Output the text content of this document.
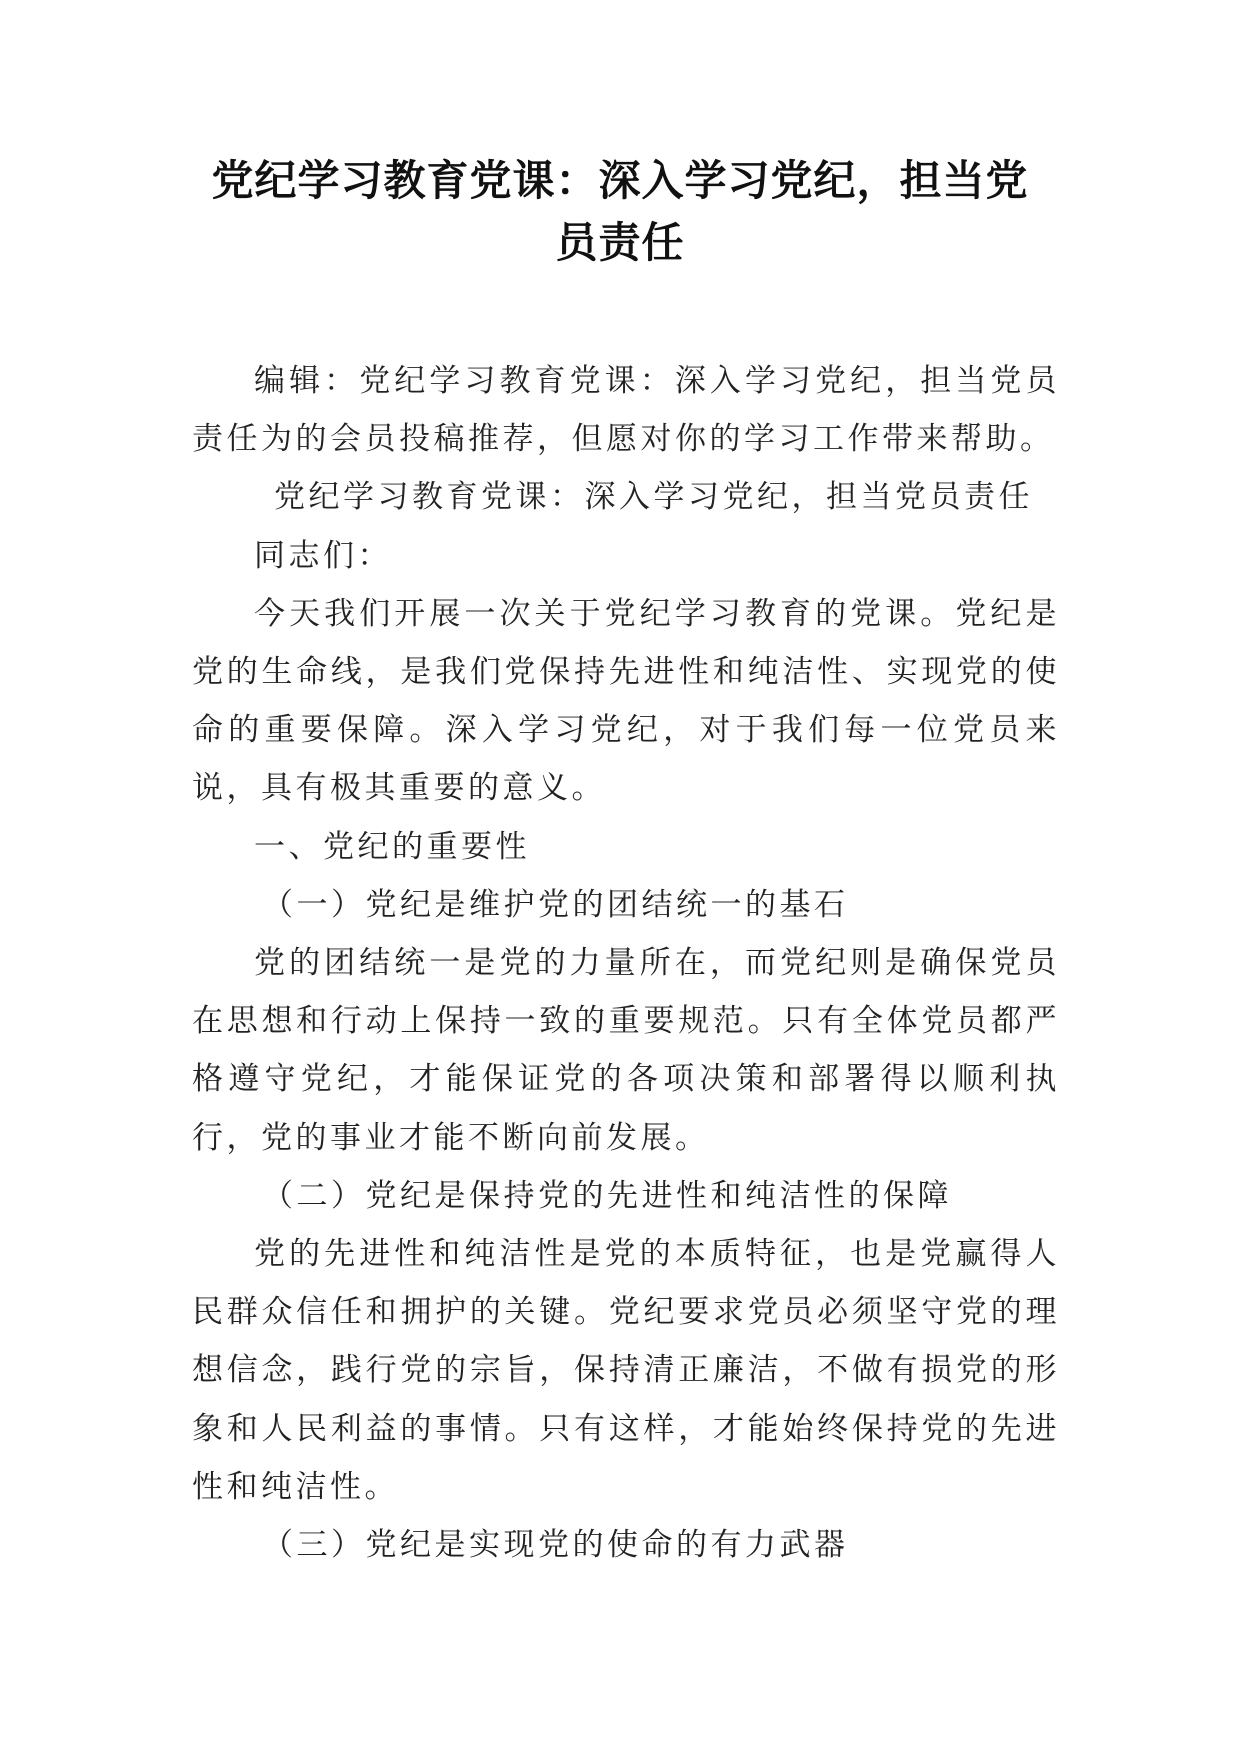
党纪学习教育党课：深入学习党纪，担当党
员责任

编辑：党纪学习教育党课：深入学习党纪，担当党员责任为的会员投稿推荐，但愿对你的学习工作带来帮助。

党纪学习教育党课：深入学习党纪，担当党员责任

同志们：

今天我们开展一次关于党纪学习教育的党课。党纪是党的生命线，是我们党保持先进性和纯洁性、实现党的使命的重要保障。深入学习党纪，对于我们每一位党员来说，具有极其重要的意义。

一、党纪的重要性

（一）党纪是维护党的团结统一的基石

党的团结统一是党的力量所在，而党纪则是确保党员在思想和行动上保持一致的重要规范。只有全体党员都严格遵守党纪，才能保证党的各项决策和部署得以顺利执行，党的事业才能不断向前发展。

（二）党纪是保持党的先进性和纯洁性的保障

党的先进性和纯洁性是党的本质特征，也是党赢得人民群众信任和拥护的关键。党纪要求党员必须坚守党的理想信念，践行党的宗旨，保持清正廉洁，不做有损党的形象和人民利益的事情。只有这样，才能始终保持党的先进性和纯洁性。

（三）党纪是实现党的使命的有力武器
